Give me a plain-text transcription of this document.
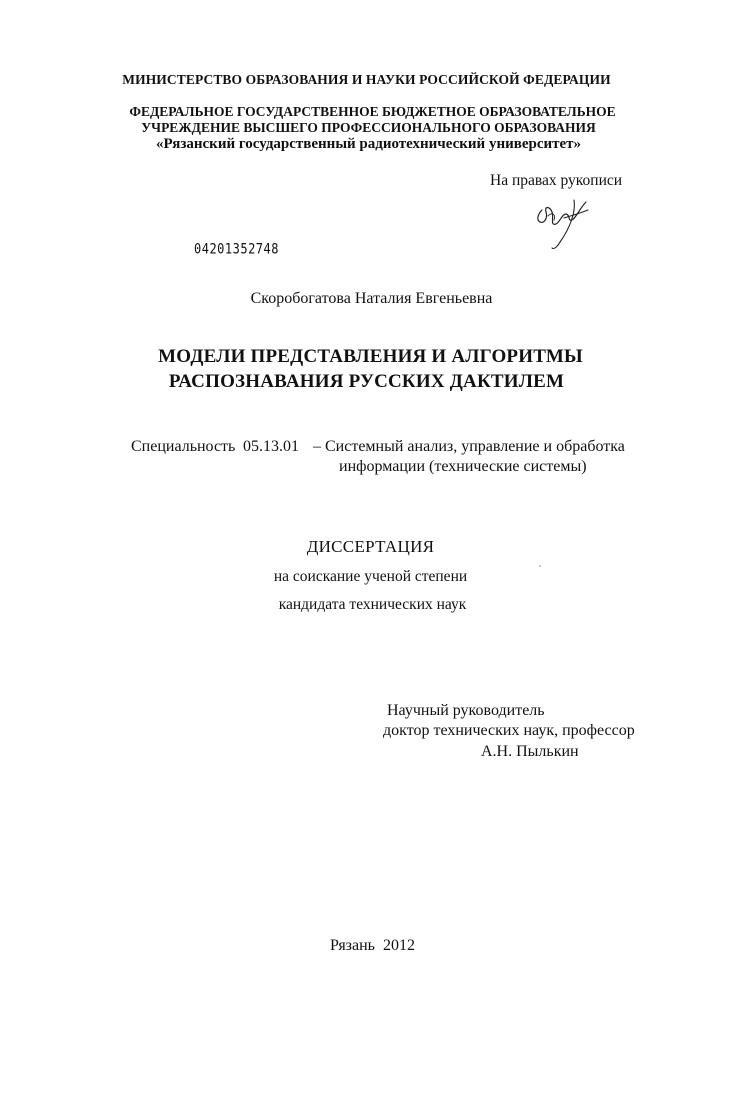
МИНИСТЕРСТВО ОБРАЗОВАНИЯ И НАУКИ РОССИЙСКОЙ ФЕДЕРАЦИИ
ФЕДЕРАЛЬНОЕ ГОСУДАРСТВЕННОЕ БЮДЖЕТНОЕ ОБРАЗОВАТЕЛЬНОЕ
УЧРЕЖДЕНИЕ ВЫСШЕГО ПРОФЕССИОНАЛЬНОГО ОБРАЗОВАНИЯ
«Рязанский государственный радиотехнический университет»
На правах рукописи
04201352748
Скоробогатова Наталия Евгеньевна
МОДЕЛИ ПРЕДСТАВЛЕНИЯ И АЛГОРИТМЫ
РАСПОЗНАВАНИЯ РУССКИХ ДАКТИЛЕМ
Специальность 05.13.01 – Системный анализ, управление и обработка
информации (технические системы)
ДИССЕРТАЦИЯ
на соискание ученой степени
кандидата технических наук
Научный руководитель
доктор технических наук, профессор
А.Н. Пылькин
Рязань  2012
